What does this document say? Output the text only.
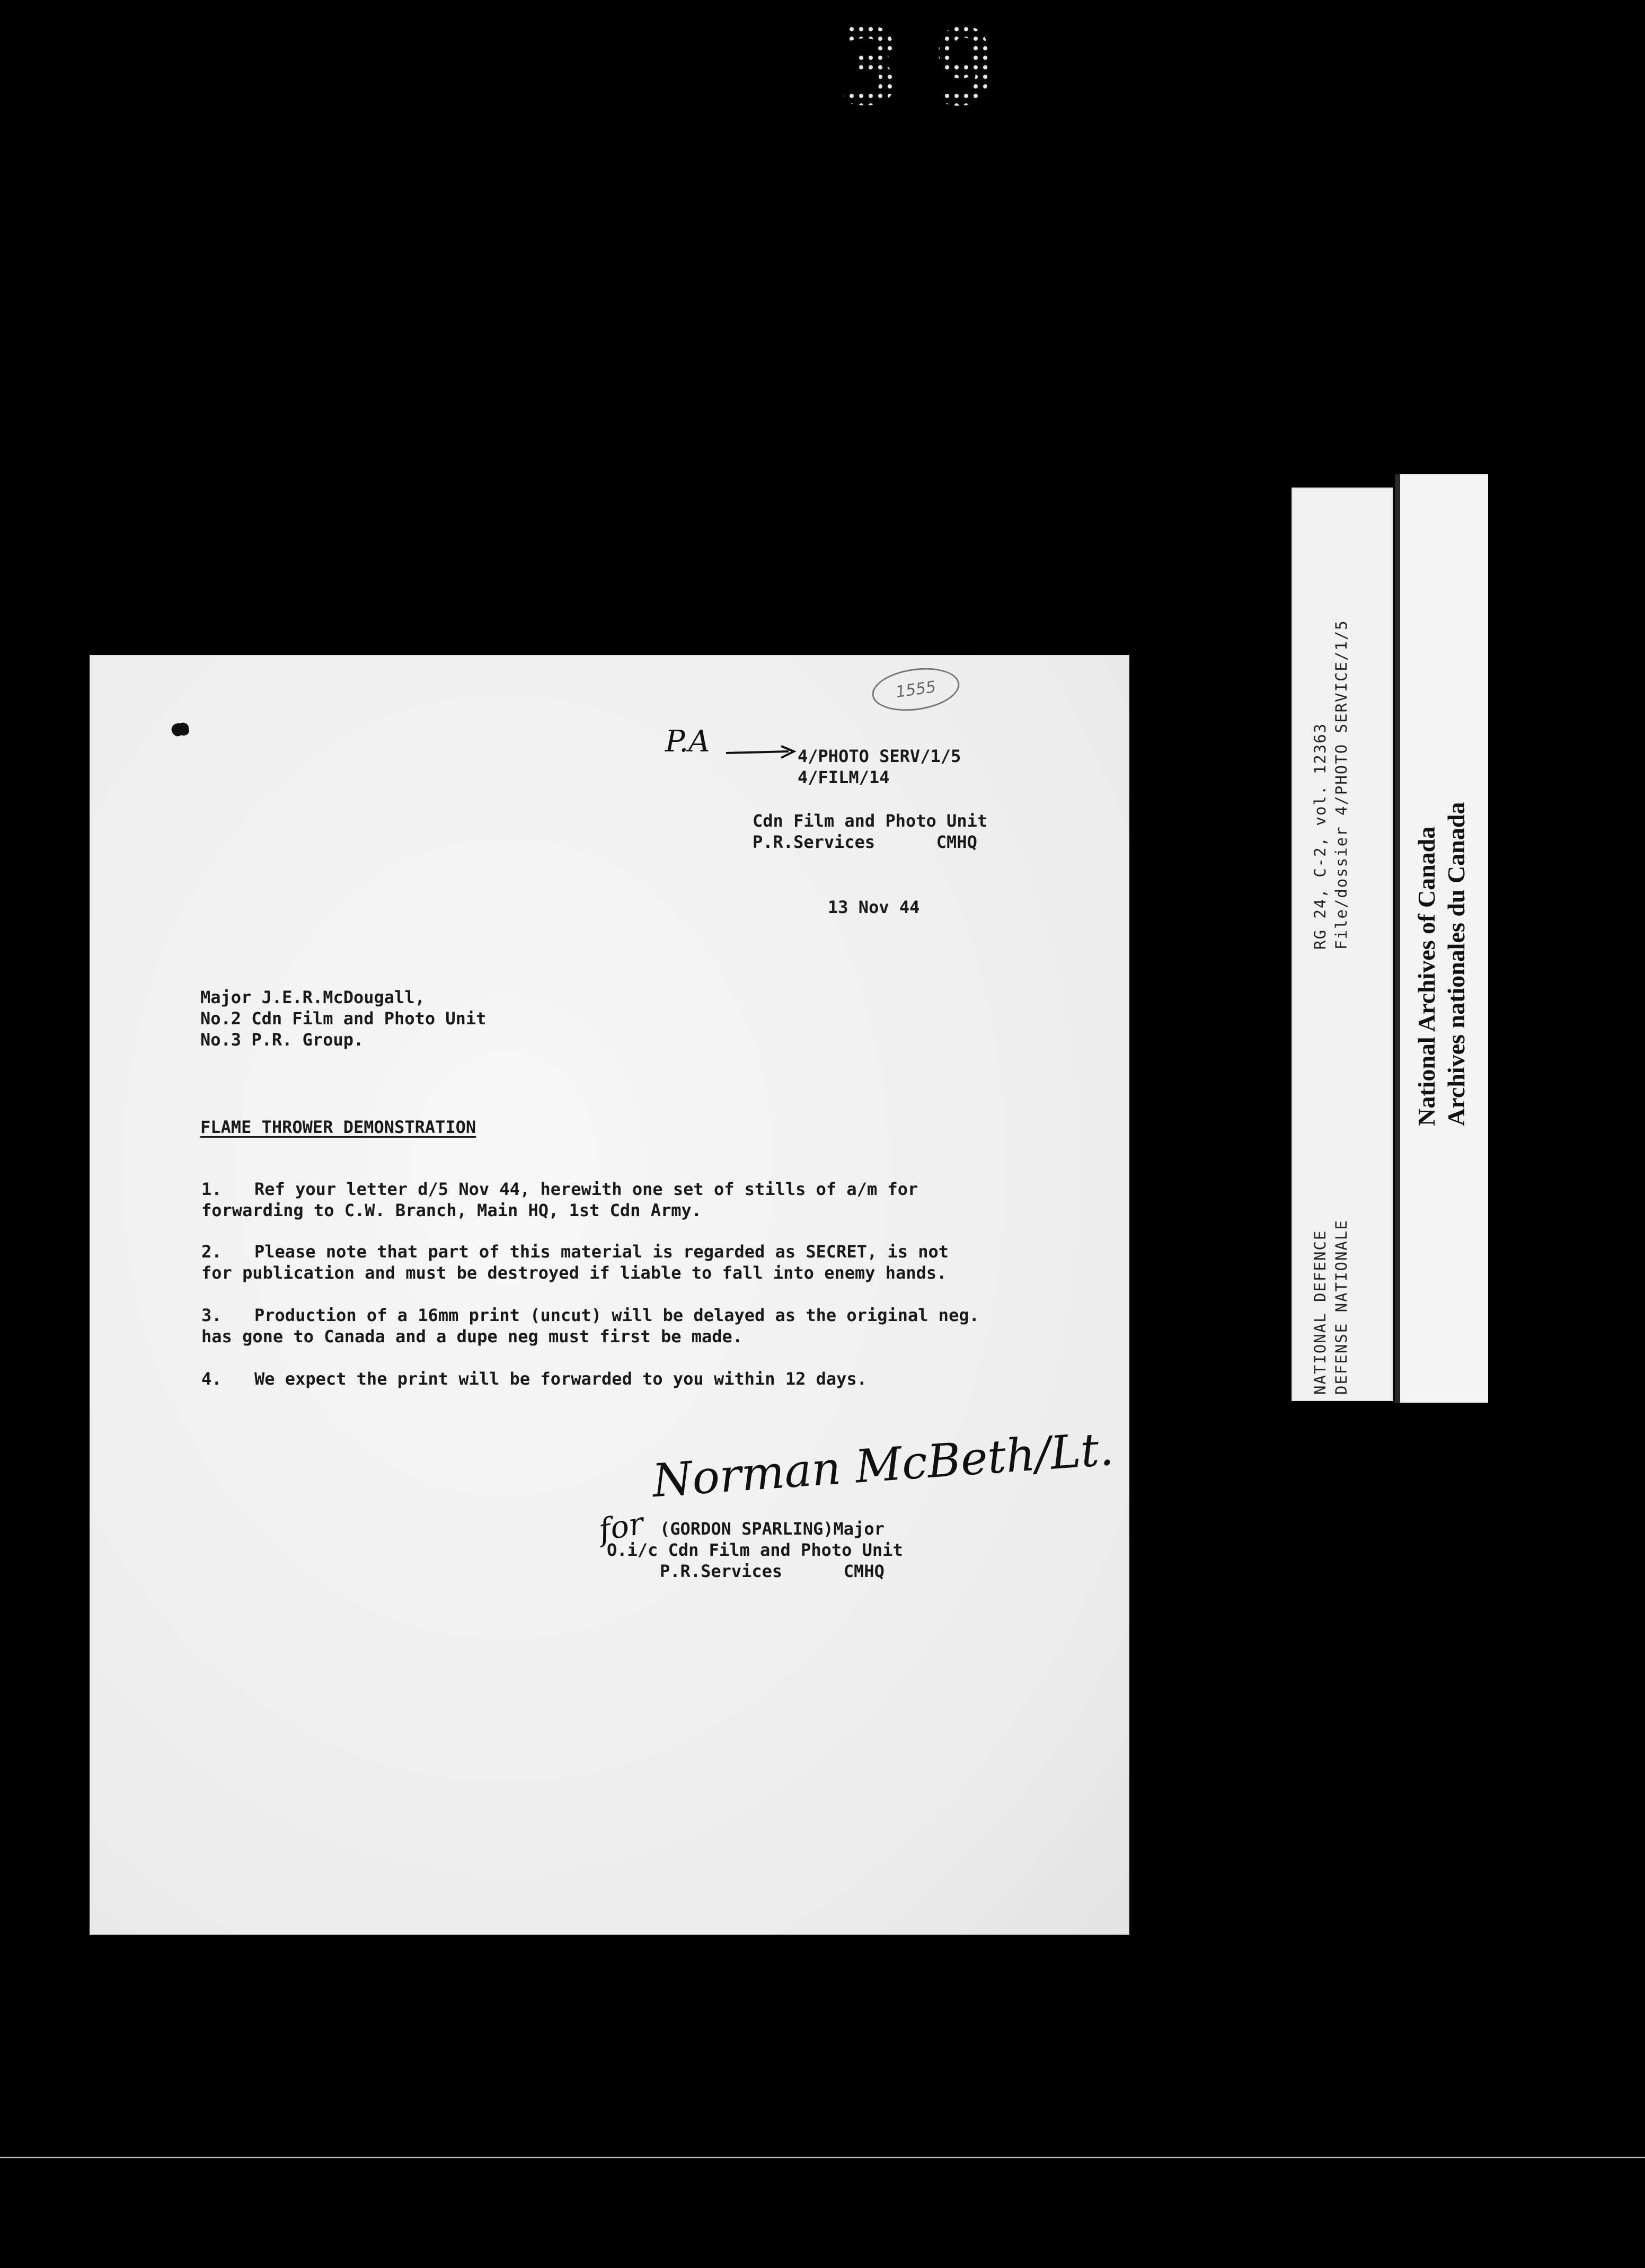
39
1555
P.A	4/PHOTO SERV/1/5

4/FILM/14

Cdn Film and Photo Unit

P.R.Services      CMHQ

13 Nov 44

Major J.E.R.McDougall,

No.2 Cdn Film and Photo Unit

No.3 P.R. Group.

FLAME THROWER DEMONSTRATION

1. Ref your letter d/5 Nov 44, herewith one set of stills of a/m for

forwarding to C.W. Branch, Main HQ, 1st Cdn Army.

2. Please note that part of this material is regarded as SECRET, is not

for publication and must be destroyed if liable to fall into enemy hands.

3. Production of a 16mm print (uncut) will be delayed as the original neg.

has gone to Canada and a dupe neg must first be made.

4. We expect the print will be forwarded to you within 12 days.

Norman McBeth/Lt.
for (GORDON SPARLING)Major

O.i/c Cdn Film and Photo Unit

P.R.Services      CMHQ

RG 24, C-2, vol. 12363 File/dossier 4/PHOTO SERVICE/1/5
NATIONAL DEFENCE DEFENSE NATIONALE
National Archives of Canada Archives nationales du Canada
